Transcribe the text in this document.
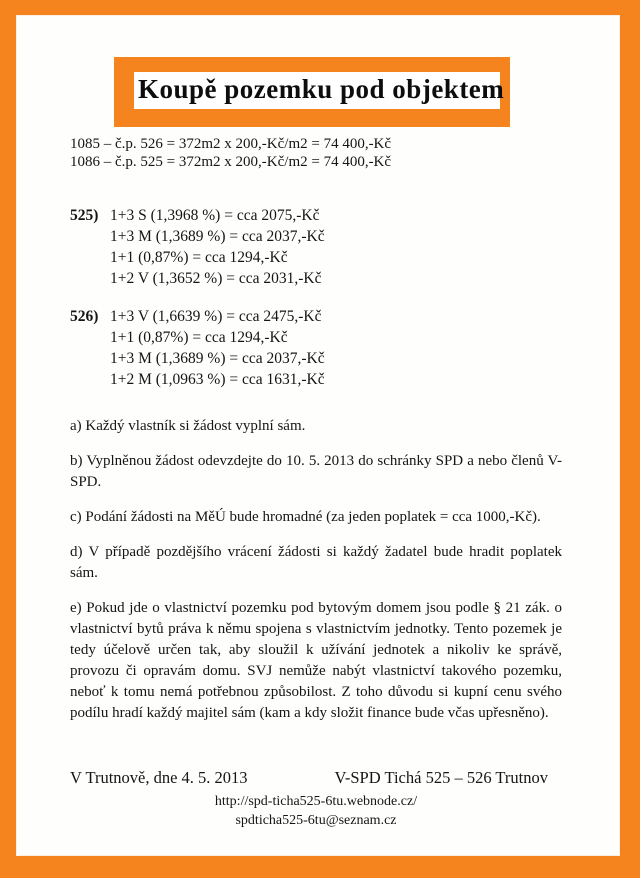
Koupě pozemku pod objektem
1085 – č.p. 526 = 372m2 x 200,-Kč/m2 = 74 400,-Kč
1086 – č.p. 525 = 372m2 x 200,-Kč/m2 = 74 400,-Kč
525) 1+3 S (1,3968 %) = cca 2075,-Kč
1+3 M (1,3689 %) = cca 2037,-Kč
1+1 (0,87%) = cca 1294,-Kč
1+2 V (1,3652 %) = cca 2031,-Kč
526) 1+3 V (1,6639 %) = cca 2475,-Kč
1+1 (0,87%) = cca 1294,-Kč
1+3 M (1,3689 %) = cca 2037,-Kč
1+2 M (1,0963 %) = cca 1631,-Kč

a) Každý vlastník si žádost vyplní sám.

b) Vyplněnou žádost odevzdejte do 10. 5. 2013 do schránky SPD a nebo členů V-SPD.

c) Podání žádosti na MěÚ bude hromadné (za jeden poplatek = cca 1000,-Kč).

d) V případě pozdějšího vrácení žádosti si každý žadatel bude hradit poplatek sám.

e) Pokud jde o vlastnictví pozemku pod bytovým domem jsou podle § 21 zák. o vlastnictví bytů práva k němu spojena s vlastnictvím jednotky. Tento pozemek je tedy účelově určen tak, aby sloužil k užívání jednotek a nikoliv ke správě, provozu či opravám domu. SVJ nemůže nabýt vlastnictví takového pozemku, neboť k tomu nemá potřebnou způsobilost. Z toho důvodu si kupní cenu svého podílu hradí každý majitel sám (kam a kdy složit finance bude včas upřesněno).

V Trutnově, dne 4. 5. 2013	V-SPD Tichá 525 – 526 Trutnov
http://spd-ticha525-6tu.webnode.cz/
spdticha525-6tu@seznam.cz
